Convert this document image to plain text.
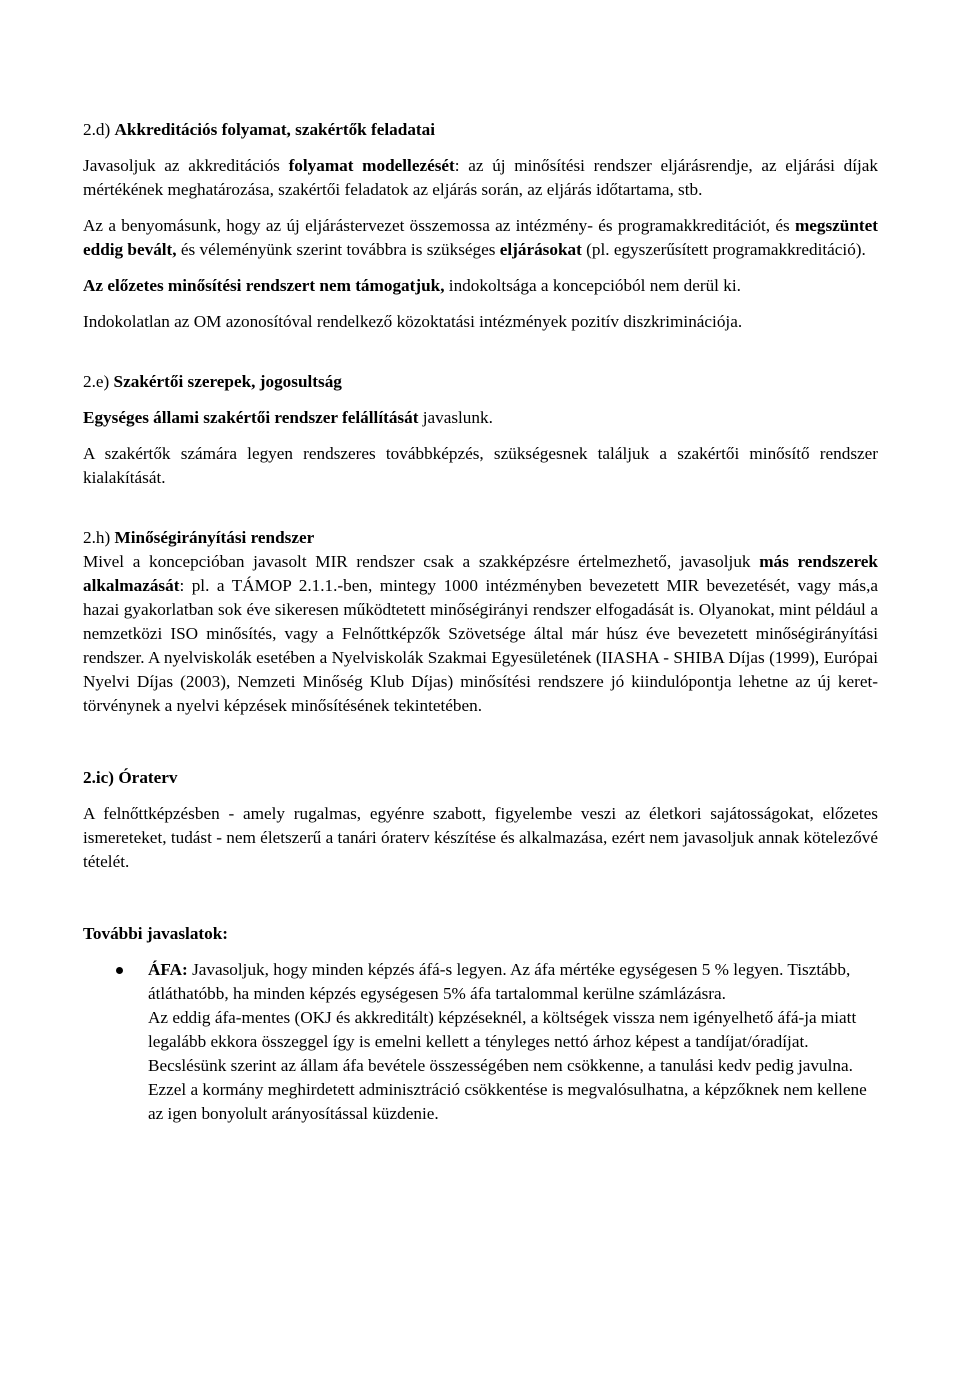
2.d) Akkreditációs folyamat, szakértők feladatai

Javasoljuk az akkreditációs folyamat modellezését: az új minősítési rendszer eljárásrendje, az eljárási díjak mértékének meghatározása, szakértői feladatok az eljárás során, az eljárás időtartama, stb.

Az a benyomásunk, hogy az új eljárástervezet összemossa az intézmény- és programakkreditációt, és megszüntet eddig bevált, és véleményünk szerint továbbra is szükséges eljárásokat (pl. egyszerűsített programakkreditáció).

Az előzetes minősítési rendszert nem támogatjuk, indokoltsága a koncepcióból nem derül ki.

Indokolatlan az OM azonosítóval rendelkező közoktatási intézmények pozitív diszkriminációja.

2.e) Szakértői szerepek, jogosultság

Egységes állami szakértői rendszer felállítását javaslunk.

A szakértők számára legyen rendszeres továbbképzés, szükségesnek találjuk a szakértői minősítő rendszer kialakítását.

2.h) Minőségirányítási rendszer

Mivel a koncepcióban javasolt MIR rendszer csak a szakképzésre értelmezhető, javasoljuk más rendszerek alkalmazását: pl. a TÁMOP 2.1.1.-ben, mintegy 1000 intézményben bevezetett MIR bevezetését, vagy más,a hazai gyakorlatban sok éve sikeresen működtetett minőségirányi rendszer elfogadását is. Olyanokat, mint például a nemzetközi ISO minősítés, vagy a Felnőttképzők Szövetsége által már húsz éve bevezetett minőségirányítási rendszer. A nyelviskolák esetében a Nyelviskolák Szakmai Egyesületének (IIASHA - SHIBA Díjas (1999), Európai Nyelvi Díjas (2003), Nemzeti Minőség Klub Díjas) minősítési rendszere jó kiindulópontja lehetne az új keret-törvénynek a nyelvi képzések minősítésének tekintetében.

2.ic) Óraterv

A felnőttképzésben - amely rugalmas, egyénre szabott, figyelembe veszi az életkori sajátosságokat, előzetes ismereteket, tudást - nem életszerű a tanári óraterv készítése és alkalmazása, ezért nem javasoljuk annak kötelezővé tételét.

További javaslatok:

ÁFA: Javasoljuk, hogy minden képzés áfá-s legyen. Az áfa mértéke egységesen 5 % legyen. Tisztább, átláthatóbb, ha minden képzés egységesen 5% áfa tartalommal kerülne számlázásra.
Az eddig áfa-mentes (OKJ és akkreditált) képzéseknél, a költségek vissza nem igényelhető áfá-ja miatt legalább ekkora összeggel így is emelni kellett a tényleges nettó árhoz képest a tandíjat/óradíjat. Becslésünk szerint az állam áfa bevétele összességében nem csökkenne, a tanulási kedv pedig javulna. Ezzel a kormány meghirdetett adminisztráció csökkentése is megvalósulhatna, a képzőknek nem kellene az igen bonyolult arányosítással küzdenie.
